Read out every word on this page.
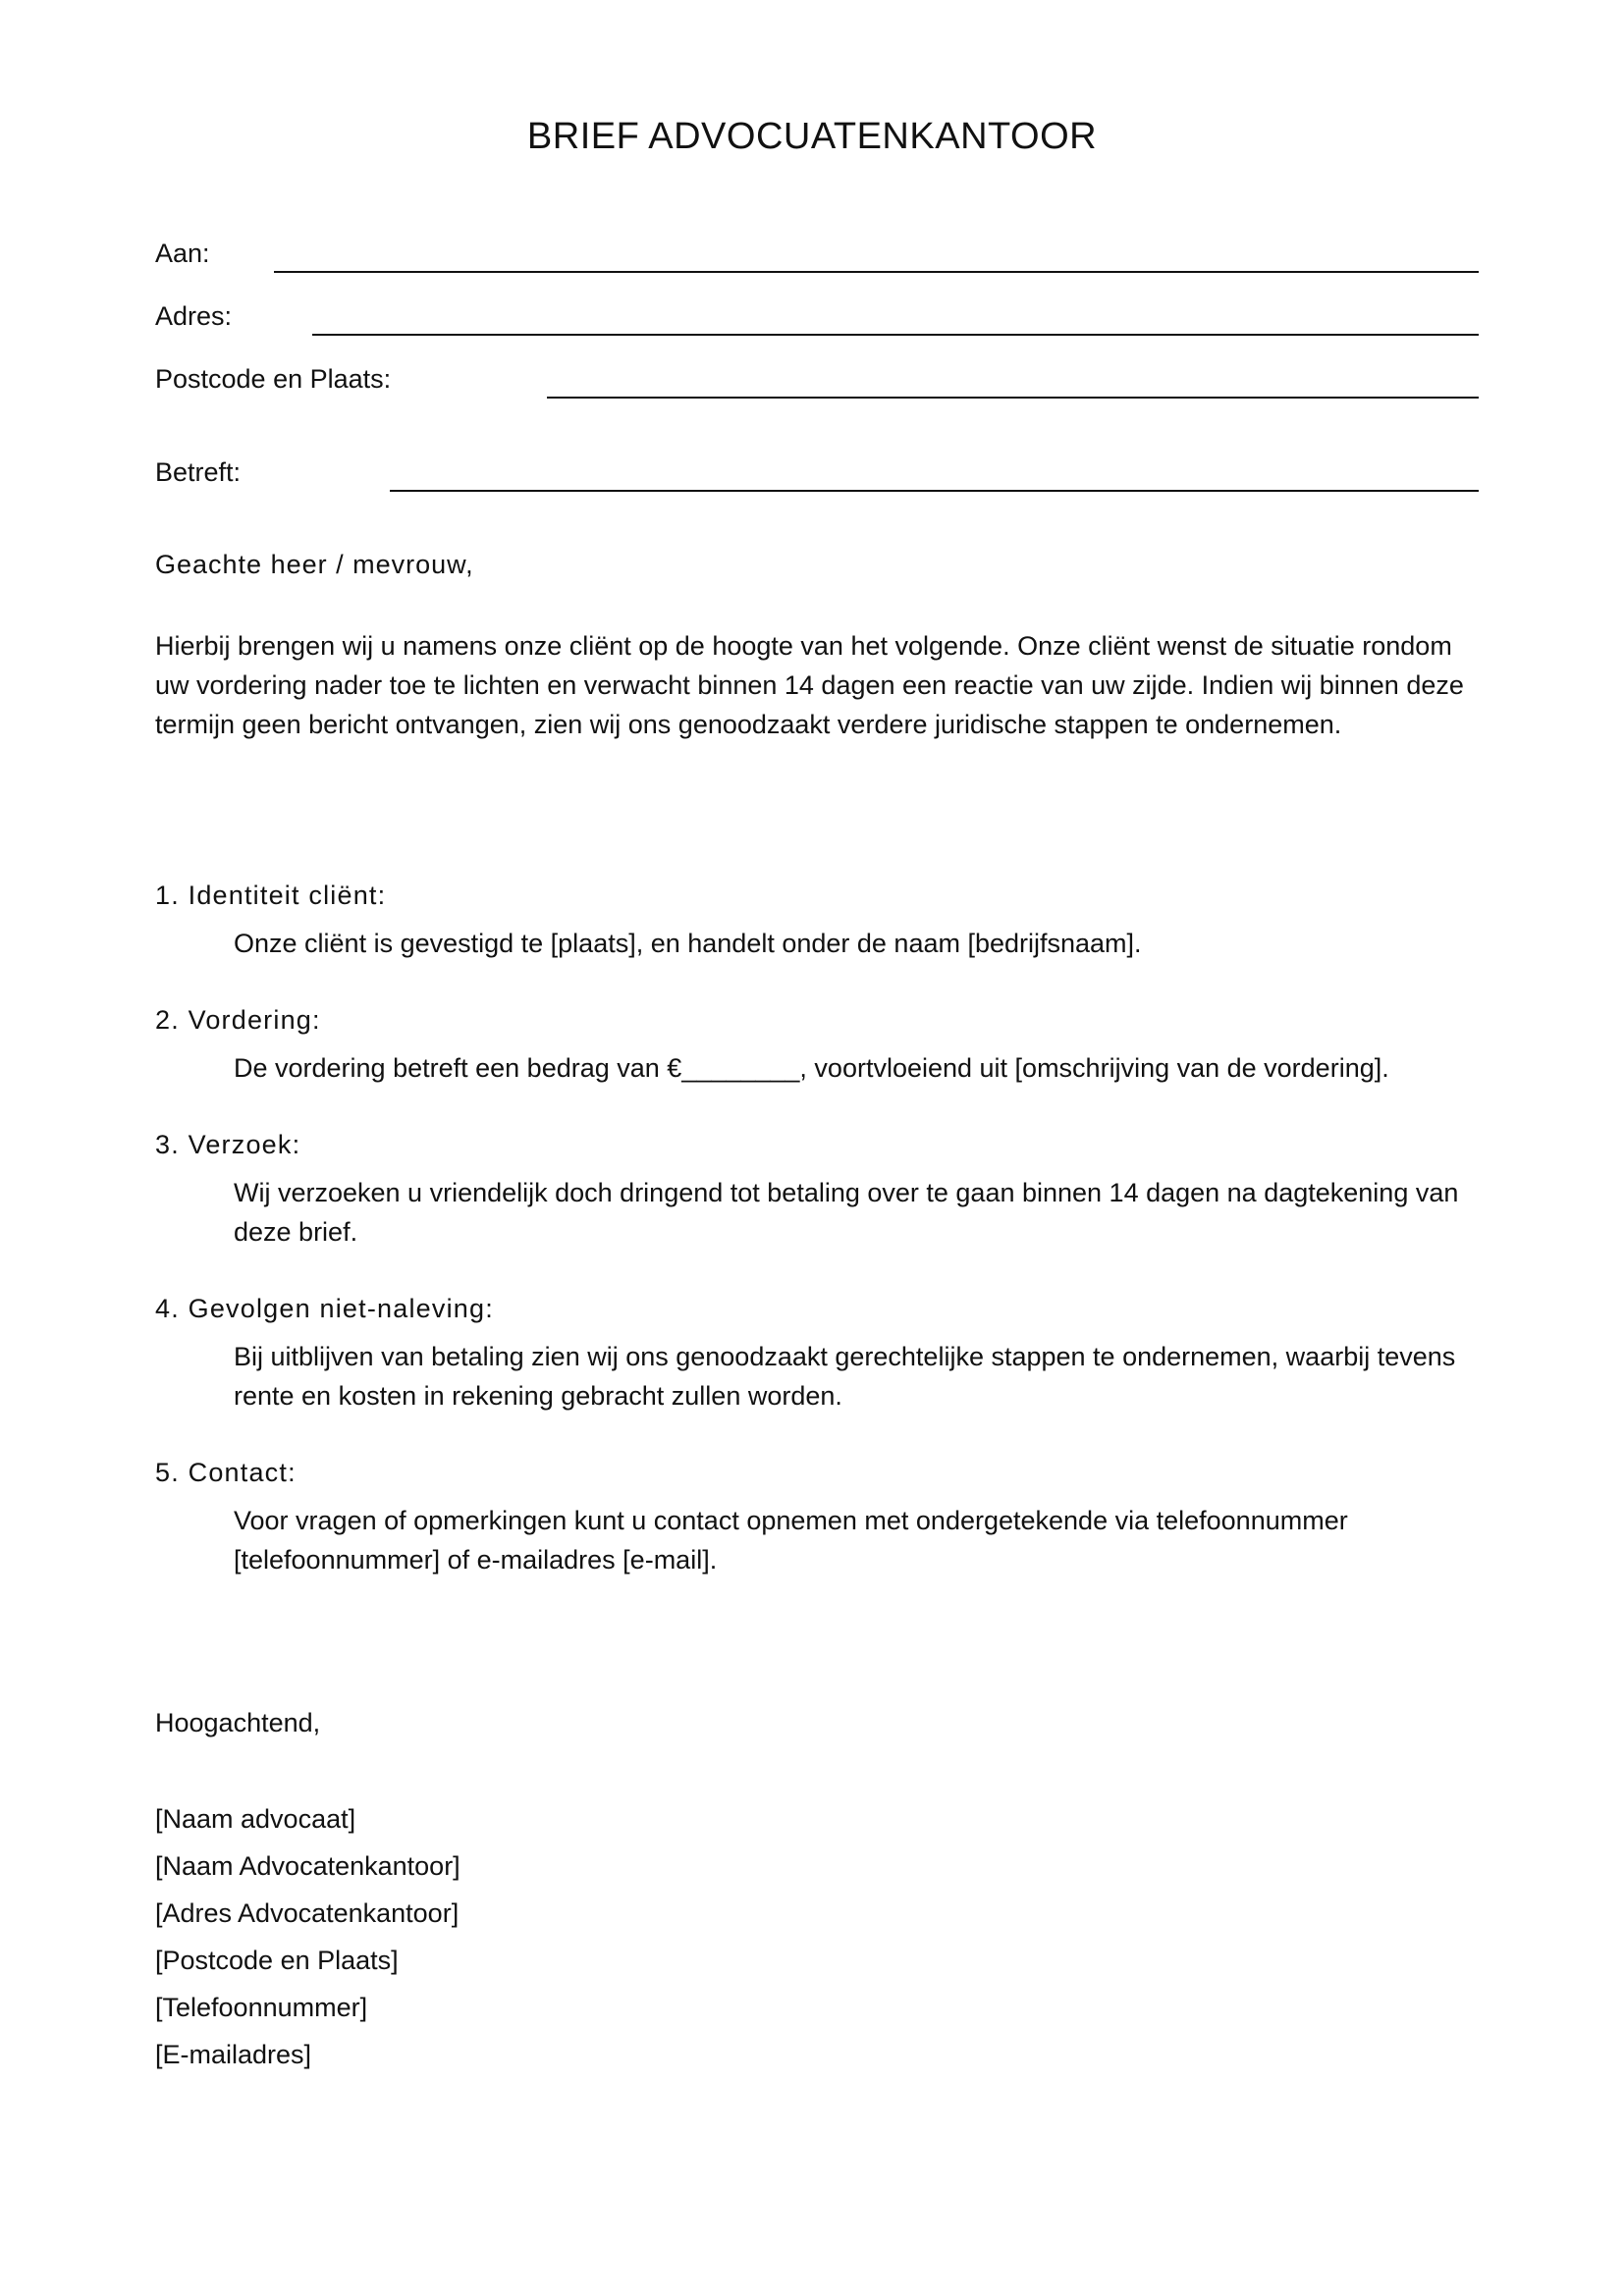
BRIEF ADVOCUATENKANTOOR
Aan:
Adres:
Postcode en Plaats:
Betreft:
Geachte heer / mevrouw,
Hierbij brengen wij u namens onze cliënt op de hoogte van het volgende. Onze cliënt wenst de situatie rondom uw vordering nader toe te lichten en verwacht binnen 14 dagen een reactie van uw zijde. Indien wij binnen deze termijn geen bericht ontvangen, zien wij ons genoodzaakt verdere juridische stappen te ondernemen.
1. Identiteit cliënt:
Onze cliënt is gevestigd te [plaats], en handelt onder de naam [bedrijfsnaam].
2. Vordering:
De vordering betreft een bedrag van €________, voortvloeiend uit [omschrijving van de vordering].
3. Verzoek:
Wij verzoeken u vriendelijk doch dringend tot betaling over te gaan binnen 14 dagen na dagtekening van deze brief.
4. Gevolgen niet-naleving:
Bij uitblijven van betaling zien wij ons genoodzaakt gerechtelijke stappen te ondernemen, waarbij tevens rente en kosten in rekening gebracht zullen worden.
5. Contact:
Voor vragen of opmerkingen kunt u contact opnemen met ondergetekende via telefoonnummer [telefoonnummer] of e-mailadres [e-mail].
Hoogachtend,
[Naam advocaat]
[Naam Advocatenkantoor]
[Adres Advocatenkantoor]
[Postcode en Plaats]
[Telefoonnummer]
[E-mailadres]
